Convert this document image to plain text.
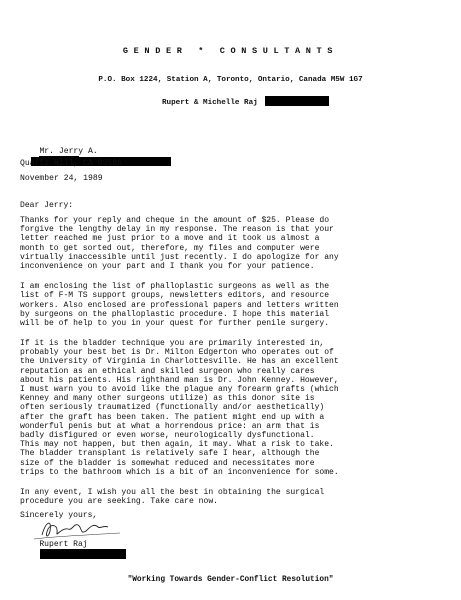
GENDER * CONSULTANTS
P.O. Box 1224, Station A, Toronto, Ontario, Canada M5W 1G7
Rupert & Michelle Raj

Mr. Jerry A.

Quartz Hill, CA 93586
November 24, 1989
Dear Jerry:
Thanks for your reply and cheque in the amount of $25. Please do
forgive the lengthy delay in my response. The reason is that your
letter reached me just prior to a move and it took us almost a
month to get sorted out, therefore, my files and computer were
virtually inaccessible until just recently. I do apologize for any
inconvenience on your part and I thank you for your patience.
I am enclosing the list of phalloplastic surgeons as well as the
list of F-M TS support groups, newsletters editors, and resource
workers. Also enclosed are professional papers and letters written
by surgeons on the phalloplastic procedure. I hope this material
will be of help to you in your quest for further penile surgery.
If it is the bladder technique you are primarily interested in,
probably your best bet is Dr. Milton Edgerton who operates out of
the University of Virginia in Charlottesville. He has an excellent
reputation as an ethical and skilled surgeon who really cares
about his patients. His righthand man is Dr. John Kenney. However,
I must warn you to avoid like the plague any forearm grafts (which
Kenney and many other surgeons utilize) as this donor site is
often seriously traumatized (functionally and/or aesthetically)
after the graft has been taken. The patient might end up with a
wonderful penis but at what a horrendous price: an arm that is
badly disfigured or even worse, neurologically dysfunctional.
This may not happen, but then again, it may. What a risk to take.
The bladder transplant is relatively safe I hear, although the
size of the bladder is somewhat reduced and necessitates more
trips to the bathroom which is a bit of an inconvenience for some.
In any event, I wish you all the best in obtaining the surgical
procedure you are seeking. Take care now.
Sincerely yours,

Rupert Raj

"Working Towards Gender-Conflict Resolution"
